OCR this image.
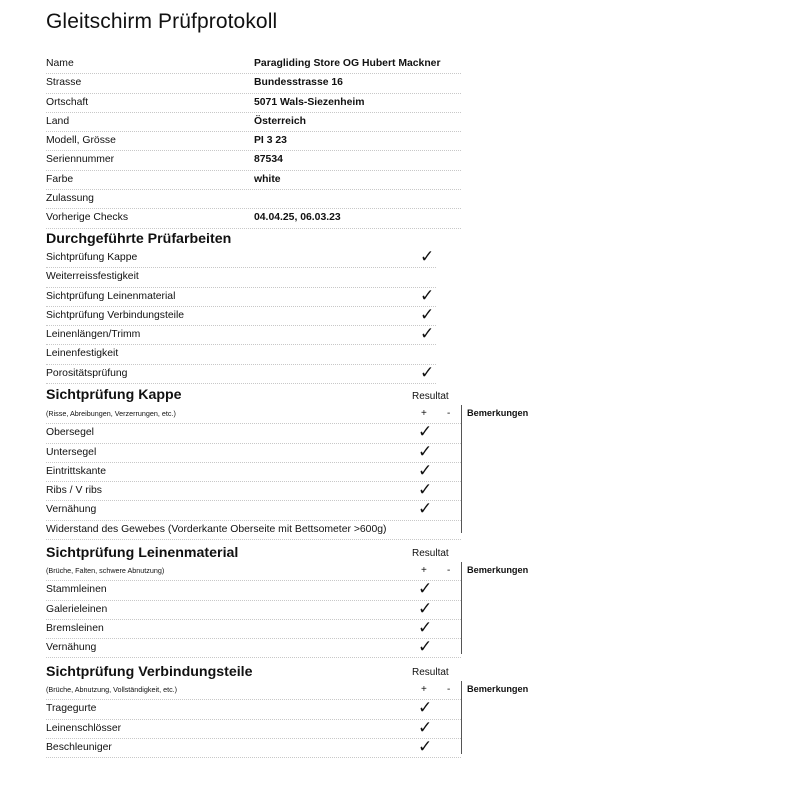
Gleitschirm Prüfprotokoll
Name	Paragliding Store OG Hubert Mackner
Strasse	Bundesstrasse 16
Ortschaft	5071 Wals-Siezenheim
Land	Österreich
Modell, Grösse	PI 3 23
Seriennummer	87534
Farbe	white
Zulassung
Vorherige Checks	04.04.25, 06.03.23
Durchgeführte Prüfarbeiten
Sichtprüfung Kappe	✓
Weiterreissfestigkeit
Sichtprüfung Leinenmaterial	✓
Sichtprüfung Verbindungsteile	✓
Leinenlängen/Trimm	✓
Leinenfestigkeit
Porositätsprüfung	✓
Sichtprüfung Kappe	Resultat
(Risse, Abreibungen, Verzerrungen, etc.)	+ -
Obersegel	✓
Untersegel	✓
Eintrittskante	✓
Ribs / V ribs	✓
Vernähung	✓
Widerstand des Gewebes (Vorderkante Oberseite mit Bettsometer >600g)
Bemerkungen
Sichtprüfung Leinenmaterial	Resultat
(Brüche, Falten, schwere Abnutzung)	+ -
Stammleinen	✓
Galerieleinen	✓
Bremsleinen	✓
Vernähung	✓
Bemerkungen
Sichtprüfung Verbindungsteile	Resultat
(Brüche, Abnutzung, Vollständigkeit, etc.)	+ -
Tragegurte	✓
Leinenschlösser	✓
Beschleuniger	✓
Bemerkungen
